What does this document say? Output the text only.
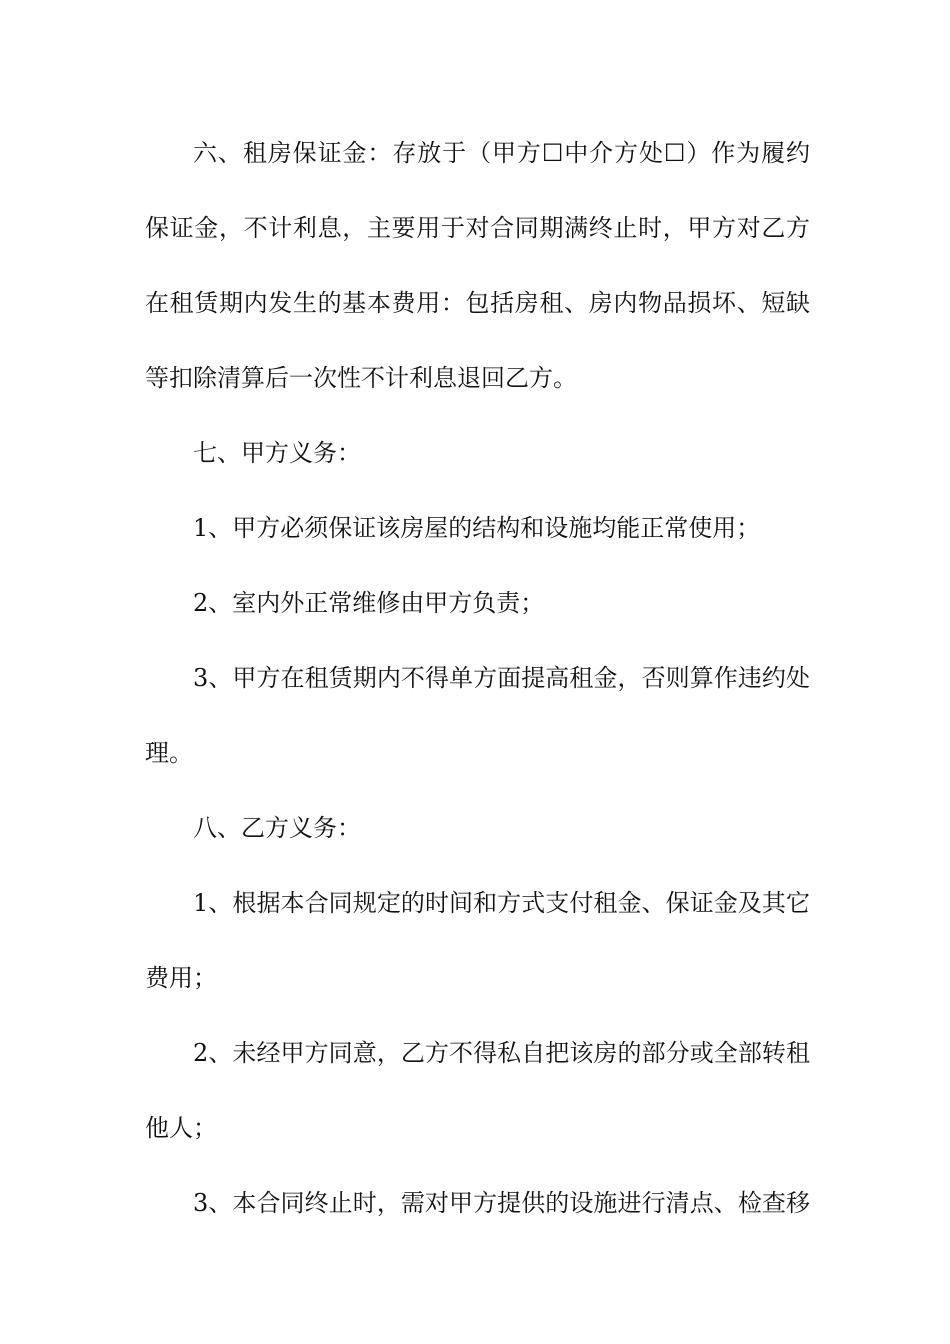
六、租房保证金：存放于（甲方☐中介方处☐）作为履约
保证金，不计利息，主要用于对合同期满终止时，甲方对乙方
在租赁期内发生的基本费用：包括房租、房内物品损坏、短缺
等扣除清算后一次性不计利息退回乙方。
七、甲方义务：
1、甲方必须保证该房屋的结构和设施均能正常使用；
2、室内外正常维修由甲方负责；
3、甲方在租赁期内不得单方面提高租金，否则算作违约处
理。
八、乙方义务：
1、根据本合同规定的时间和方式支付租金、保证金及其它
费用；
2、未经甲方同意，乙方不得私自把该房的部分或全部转租
他人；
3、本合同终止时，需对甲方提供的设施进行清点、检查移
